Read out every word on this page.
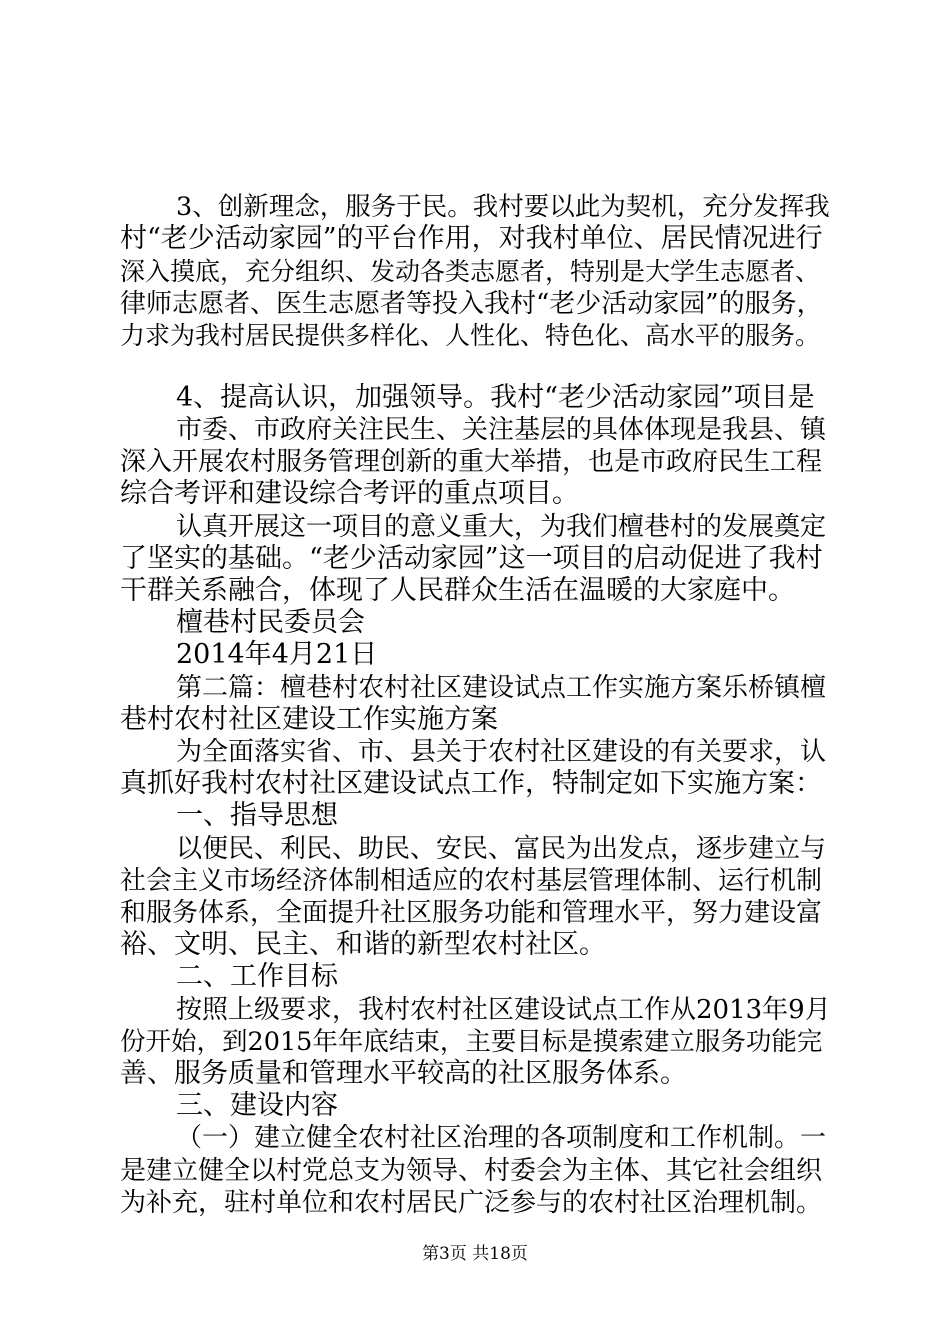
3、创新理念，服务于民。我村要以此为契机，充分发挥我
村“老少活动家园”的平台作用，对我村单位、居民情况进行
深入摸底，充分组织、发动各类志愿者，特别是大学生志愿者、
律师志愿者、医生志愿者等投入我村“老少活动家园”的服务，
力求为我村居民提供多样化、人性化、特色化、高水平的服务。
4、提高认识，加强领导。我村“老少活动家园”项目是
市委、市政府关注民生、关注基层的具体体现是我县、镇
深入开展农村服务管理创新的重大举措，也是市政府民生工程
综合考评和建设综合考评的重点项目。
认真开展这一项目的意义重大，为我们檀巷村的发展奠定
了坚实的基础。“老少活动家园”这一项目的启动促进了我村
干群关系融合，体现了人民群众生活在温暖的大家庭中。
檀巷村民委员会
2014年4月21日
第二篇：檀巷村农村社区建设试点工作实施方案乐桥镇檀
巷村农村社区建设工作实施方案
为全面落实省、市、县关于农村社区建设的有关要求，认
真抓好我村农村社区建设试点工作，特制定如下实施方案：
一、指导思想
以便民、利民、助民、安民、富民为出发点，逐步建立与
社会主义市场经济体制相适应的农村基层管理体制、运行机制
和服务体系，全面提升社区服务功能和管理水平，努力建设富
裕、文明、民主、和谐的新型农村社区。
二、工作目标
按照上级要求，我村农村社区建设试点工作从2013年9月
份开始，到2015年年底结束，主要目标是摸索建立服务功能完
善、服务质量和管理水平较高的社区服务体系。
三、建设内容
（一）建立健全农村社区治理的各项制度和工作机制。一
是建立健全以村党总支为领导、村委会为主体、其它社会组织
为补充，驻村单位和农村居民广泛参与的农村社区治理机制。
第3页 共18页
